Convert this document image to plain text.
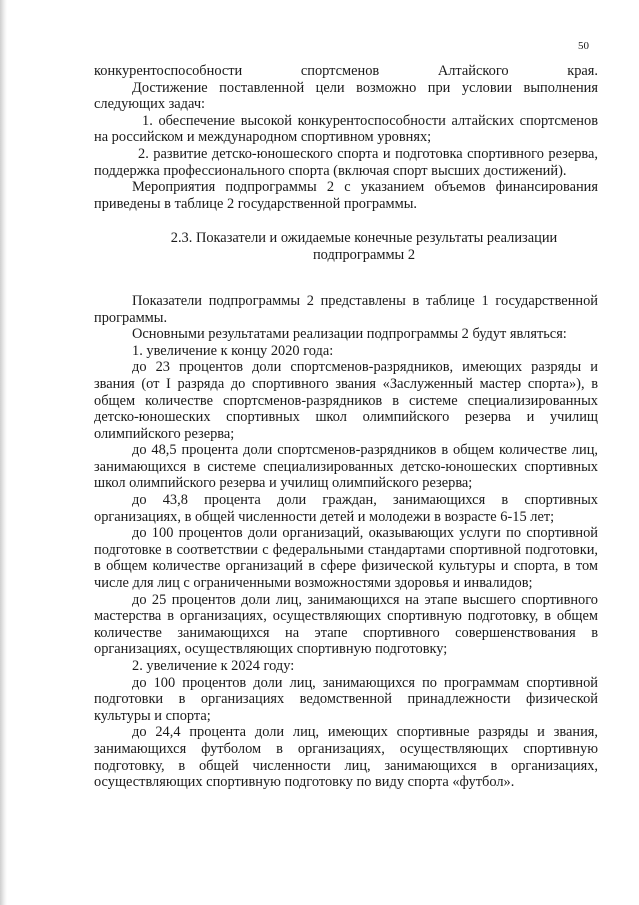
50

конкурентоспособности спортсменов Алтайского края.

Достижение поставленной цели возможно при условии выполнения следующих задач:

1. обеспечение высокой конкурентоспособности алтайских спортсменов на российском и международном спортивном уровнях;

2. развитие детско-юношеского спорта и подготовка спортивного резерва, поддержка профессионального спорта (включая спорт высших достижений).

Мероприятия подпрограммы 2 с указанием объемов финансирования приведены в таблице 2 государственной программы.

2.3. Показатели и ожидаемые конечные результаты реализации
подпрограммы 2

Показатели подпрограммы 2 представлены в таблице 1 государственной программы.

Основными результатами реализации подпрограммы 2 будут являться:

1. увеличение к концу 2020 года:

до 23 процентов доли спортсменов-разрядников, имеющих разряды и звания (от I разряда до спортивного звания «Заслуженный мастер спорта»), в общем количестве спортсменов-разрядников в системе специализированных детско-юношеских спортивных школ олимпийского резерва и училищ олимпийского резерва;

до 48,5 процента доли спортсменов-разрядников в общем количестве лиц, занимающихся в системе специализированных детско-юношеских спортивных школ олимпийского резерва и училищ олимпийского резерва;

до 43,8 процента доли граждан, занимающихся в спортивных организациях, в общей численности детей и молодежи в возрасте 6-15 лет;

до 100 процентов доли организаций, оказывающих услуги по спортивной подготовке в соответствии с федеральными стандартами спортивной подготовки, в общем количестве организаций в сфере физической культуры и спорта, в том числе для лиц с ограниченными возможностями здоровья и инвалидов;

до 25 процентов доли лиц, занимающихся на этапе высшего спортивного мастерства в организациях, осуществляющих спортивную подготовку, в общем количестве занимающихся на этапе спортивного совершенствования в организациях, осуществляющих спортивную подготовку;

2. увеличение к 2024 году:

до 100 процентов доли лиц, занимающихся по программам спортивной подготовки в организациях ведомственной принадлежности физической культуры и спорта;

до 24,4 процента доли лиц, имеющих спортивные разряды и звания, занимающихся футболом в организациях, осуществляющих спортивную подготовку, в общей численности лиц, занимающихся в организациях, осуществляющих спортивную подготовку по виду спорта «футбол».
